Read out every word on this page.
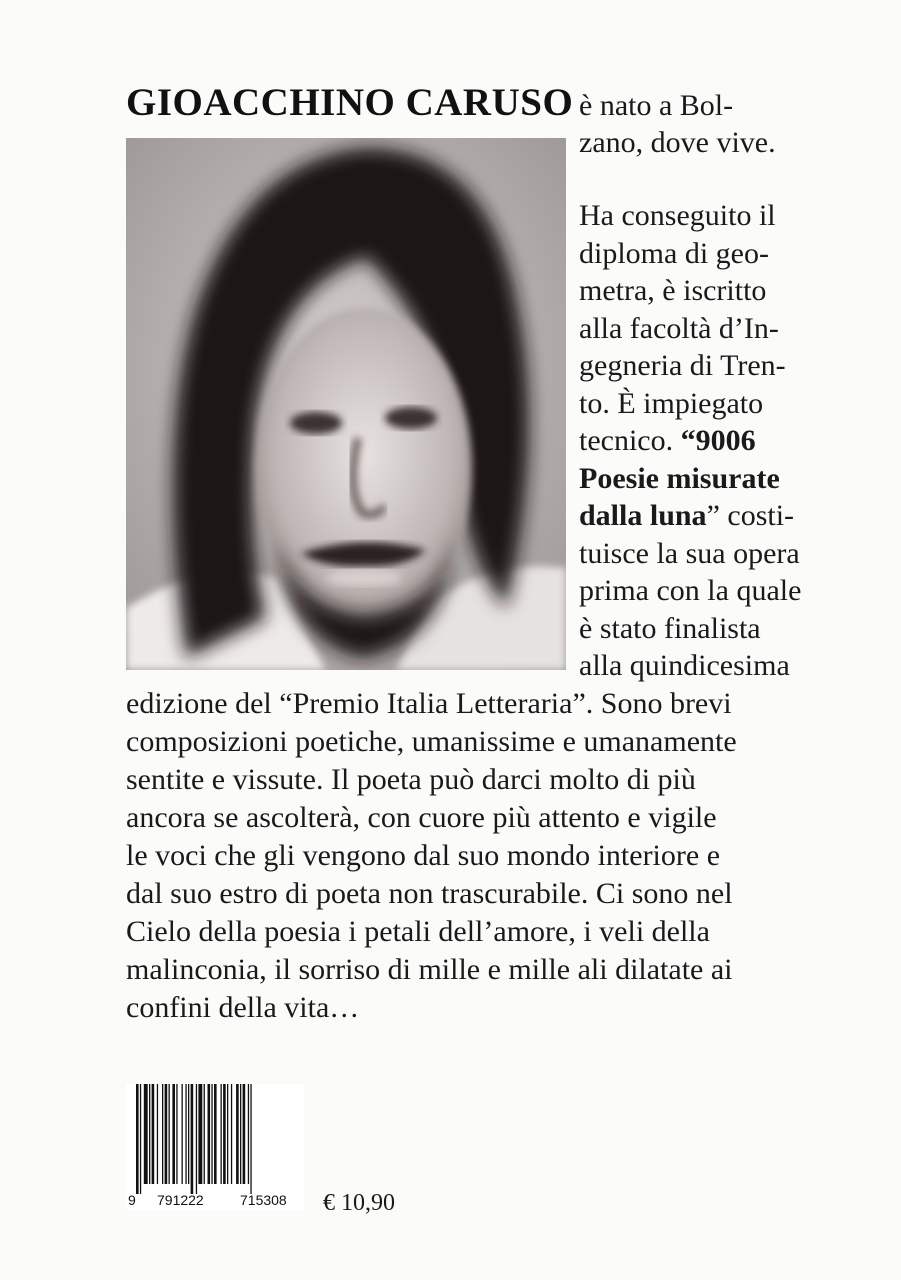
GIOACCHINO CARUSO è nato a Bol-
zano, dove vive.
Ha conseguito il
diploma di geo-
metra, è iscritto
alla facoltà d’In-
gegneria di Tren-
to. È impiegato
tecnico. “9006
Poesie misurate
dalla luna” costi-
tuisce la sua opera
prima con la quale
è stato finalista
alla quindicesima
edizione del “Premio Italia Letteraria”. Sono brevi
composizioni poetiche, umanissime e umanamente
sentite e vissute. Il poeta può darci molto di più
ancora se ascolterà, con cuore più attento e vigile
le voci che gli vengono dal suo mondo interiore e
dal suo estro di poeta non trascurabile. Ci sono nel
Cielo della poesia i petali dell’amore, i veli della
malinconia, il sorriso di mille e mille ali dilatate ai
confini della vita…
9 791222	715308 € 10,90
